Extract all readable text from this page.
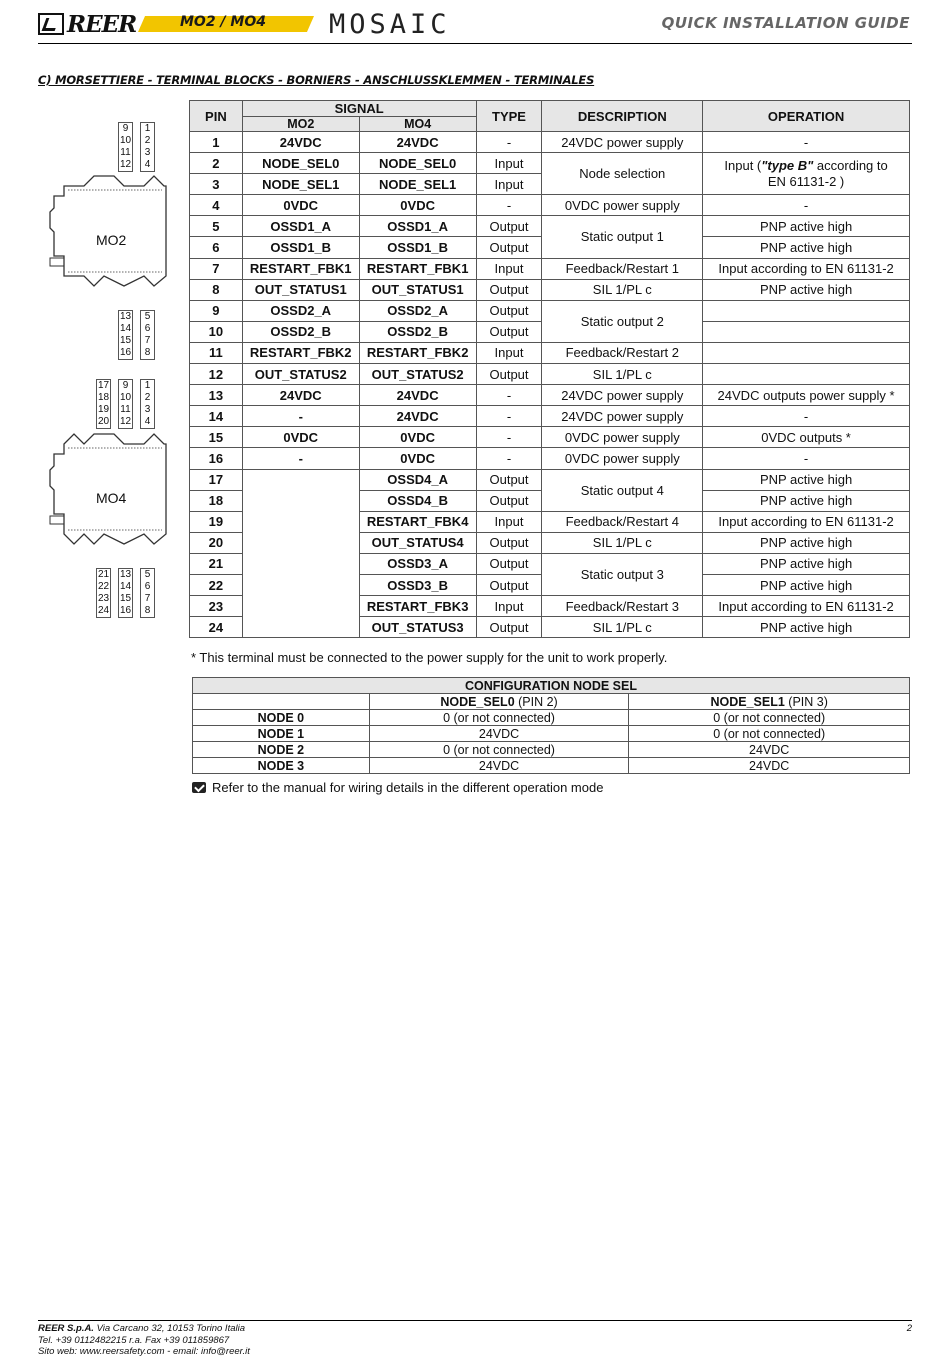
REER	MO2 / MO4 MOSAIC	QUICK INSTALLATION GUIDE
C) MORSETTIERE - TERMINAL BLOCKS - BORNIERS - ANSCHLUSSKLEMMEN - TERMINALES
9
10
11
12
1
2
3
4
MO2
13
14
15
16
5
6
7
8
17
18
19
20
9
10
11
12
1
2
3
4
MO4
21
22
23
24
13
14
15
16
5
6
7
8
PIN	SIGNAL		TYPE	DESCRIPTION	OPERATION
	MO2	MO4			
1	24VDC	24VDC	-	24VDC power supply	-
2	NODE_SEL0	NODE_SEL0	Input	Node selection	Input ("type B" according to
EN 61131-2 )
3	NODE_SEL1	NODE_SEL1	Input		
4	0VDC	0VDC	-	0VDC power supply	-
5	OSSD1_A	OSSD1_A	Output	Static output 1	PNP active high
6	OSSD1_B	OSSD1_B	Output		PNP active high
7	RESTART_FBK1	RESTART_FBK1	Input	Feedback/Restart 1	Input according to EN 61131-2
8	OUT_STATUS1	OUT_STATUS1	Output	SIL 1/PL c	PNP active high
9	OSSD2_A	OSSD2_A	Output	Static output 2	
10	OSSD2_B	OSSD2_B	Output		
11	RESTART_FBK2	RESTART_FBK2	Input	Feedback/Restart 2	
12	OUT_STATUS2	OUT_STATUS2	Output	SIL 1/PL c	
13	24VDC	24VDC	-	24VDC power supply	24VDC outputs power supply *
14	-	24VDC	-	24VDC power supply	-
15	0VDC	0VDC	-	0VDC power supply	0VDC outputs *
16	-	0VDC	-	0VDC power supply	-
17		OSSD4_A	Output	Static output 4	PNP active high
18		OSSD4_B	Output		PNP active high
19		RESTART_FBK4	Input	Feedback/Restart 4	Input according to EN 61131-2
20		OUT_STATUS4	Output	SIL 1/PL c	PNP active high
21		OSSD3_A	Output	Static output 3	PNP active high
22		OSSD3_B	Output		PNP active high
23		RESTART_FBK3	Input	Feedback/Restart 3	Input according to EN 61131-2
24		OUT_STATUS3	Output	SIL 1/PL c	PNP active high
* This terminal must be connected to the power supply for the unit to work properly.
CONFIGURATION NODE SEL		
	NODE_SEL0 (PIN 2)	NODE_SEL1 (PIN 3)
NODE 0	0 (or not connected)	0 (or not connected)
NODE 1	24VDC	0 (or not connected)
NODE 2	0 (or not connected)	24VDC
NODE 3	24VDC	24VDC
Refer to the manual for wiring details in the different operation mode
REER S.p.A. Via Carcano 32, 10153 Torino Italia
Tel. +39 0112482215 r.a. Fax +39 011859867
Sito web: www.reersafety.com - email: info@reer.it
2
